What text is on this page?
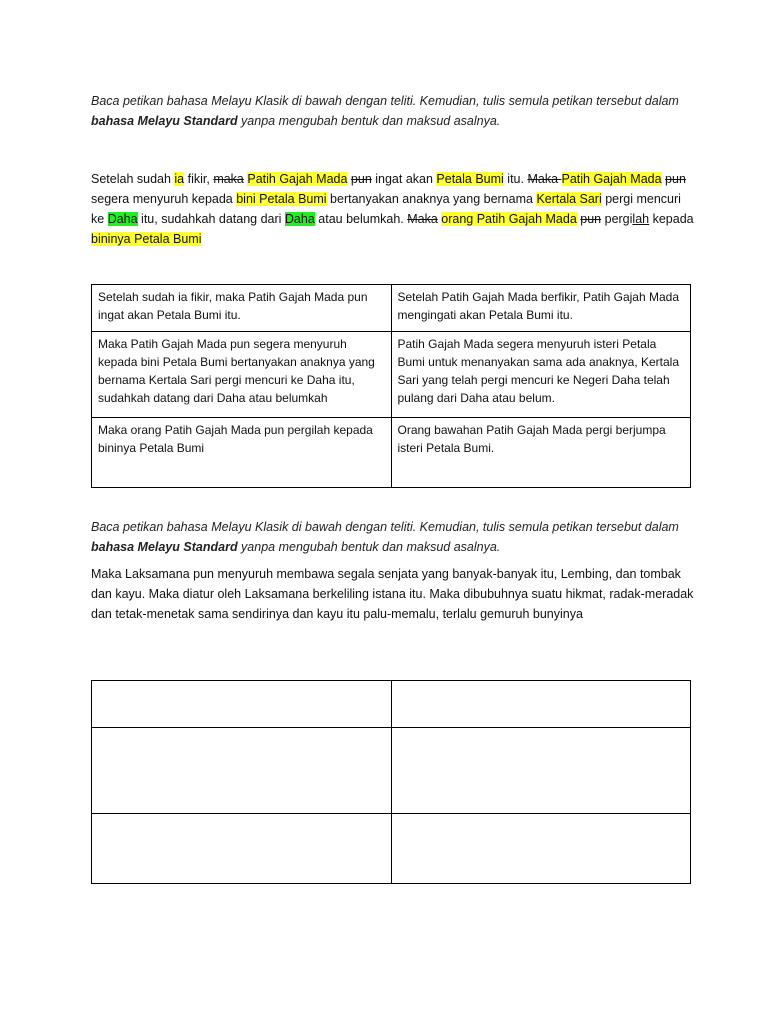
Baca petikan bahasa Melayu Klasik di bawah dengan teliti. Kemudian, tulis semula petikan tersebut dalam bahasa Melayu Standard yanpa mengubah bentuk dan maksud asalnya.

Setelah sudah ia fikir, maka Patih Gajah Mada pun ingat akan Petala Bumi itu. Maka Patih Gajah Mada pun segera menyuruh kepada bini Petala Bumi bertanyakan anaknya yang bernama Kertala Sari pergi mencuri ke Daha itu, sudahkah datang dari Daha atau belumkah. Maka orang Patih Gajah Mada pun pergilah kepada bininya Petala Bumi

Setelah sudah ia fikir, maka Patih Gajah Mada pun ingat akan Petala Bumi itu.	Setelah Patih Gajah Mada berfikir, Patih Gajah Mada mengingati akan Petala Bumi itu.
Maka Patih Gajah Mada pun segera menyuruh kepada bini Petala Bumi bertanyakan anaknya yang bernama Kertala Sari pergi mencuri ke Daha itu, sudahkah datang dari Daha atau belumkah	Patih Gajah Mada segera menyuruh isteri Petala Bumi untuk menanyakan sama ada anaknya, Kertala Sari yang telah pergi mencuri ke Negeri Daha telah pulang dari Daha atau belum.
Maka orang Patih Gajah Mada pun pergilah kepada bininya Petala Bumi	Orang bawahan Patih Gajah Mada pergi berjumpa isteri Petala Bumi.

Baca petikan bahasa Melayu Klasik di bawah dengan teliti. Kemudian, tulis semula petikan tersebut dalam bahasa Melayu Standard yanpa mengubah bentuk dan maksud asalnya.

Maka Laksamana pun menyuruh membawa segala senjata yang banyak-banyak itu, Lembing, dan tombak dan kayu. Maka diatur oleh Laksamana berkeliling istana itu. Maka dibubuhnya suatu hikmat, radak-meradak dan tetak-menetak sama sendirinya dan kayu itu palu-memalu, terlalu gemuruh bunyinya
